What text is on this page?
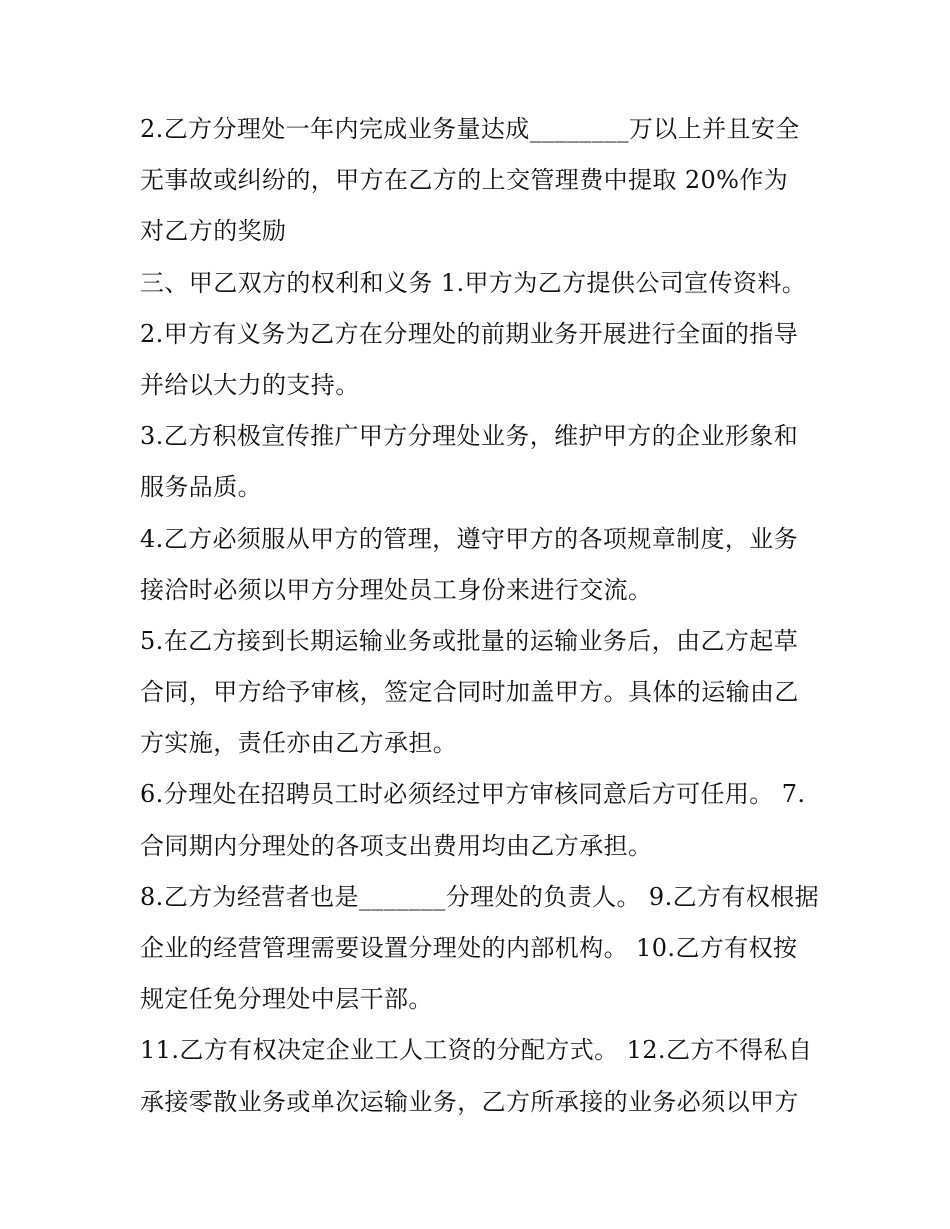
2.乙方分理处一年内完成业务量达成________万以上并且安全
无事故或纠纷的，甲方在乙方的上交管理费中提取 20%作为
对乙方的奖励
三、甲乙双方的权利和义务 1.甲方为乙方提供公司宣传资料。
2.甲方有义务为乙方在分理处的前期业务开展进行全面的指导
并给以大力的支持。
3.乙方积极宣传推广甲方分理处业务，维护甲方的企业形象和
服务品质。
4.乙方必须服从甲方的管理，遵守甲方的各项规章制度，业务
接洽时必须以甲方分理处员工身份来进行交流。
5.在乙方接到长期运输业务或批量的运输业务后，由乙方起草
合同，甲方给予审核，签定合同时加盖甲方。具体的运输由乙
方实施，责任亦由乙方承担。
6.分理处在招聘员工时必须经过甲方审核同意后方可任用。 7.
合同期内分理处的各项支出费用均由乙方承担。
8.乙方为经营者也是_______分理处的负责人。 9.乙方有权根据
企业的经营管理需要设置分理处的内部机构。 10.乙方有权按
规定任免分理处中层干部。
11.乙方有权决定企业工人工资的分配方式。 12.乙方不得私自
承接零散业务或单次运输业务，乙方所承接的业务必须以甲方
